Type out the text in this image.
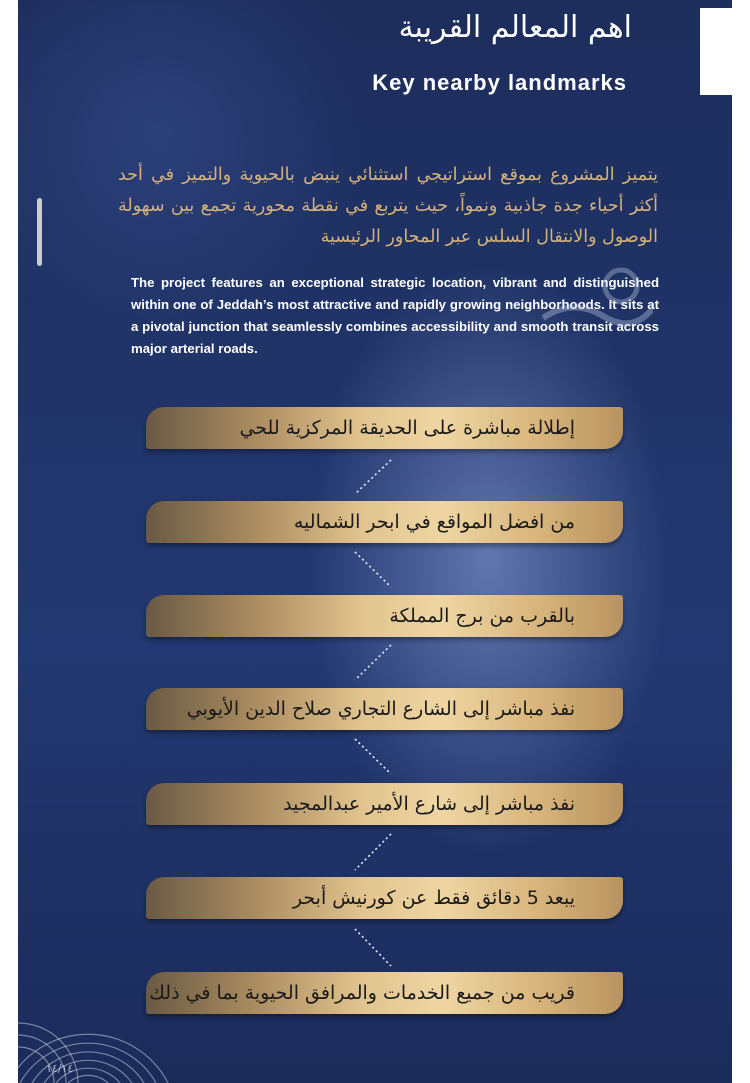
اهم المعالم القريبة
Key nearby landmarks

يتميز المشروع بموقع استراتيجي استثنائي ينبض بالحيوية والتميز في أحد أكثر أحياء جدة جاذبية ونمواً، حيث يتربع في نقطة محورية تجمع بين سهولة الوصول والانتقال السلس عبر المحاور الرئيسية

The project features an exceptional strategic location, vibrant and distinguished within one of Jeddah’s most attractive and rapidly growing neighborhoods. It sits at a pivotal junction that seamlessly combines accessibility and smooth transit across major arterial roads.

إطلالة مباشرة على الحديقة المركزية للحي
من افضل المواقع في ابحر الشماليه
بالقرب من برج المملكة
نفذ مباشر إلى الشارع التجاري صلاح الدين الأيوبي
نفذ مباشر إلى شارع الأمير عبدالمجيد
يبعد 5 دقائق فقط عن كورنيش أبحر
قريب من جميع الخدمات والمرافق الحيوية بما في ذلك
١٤/١٤
